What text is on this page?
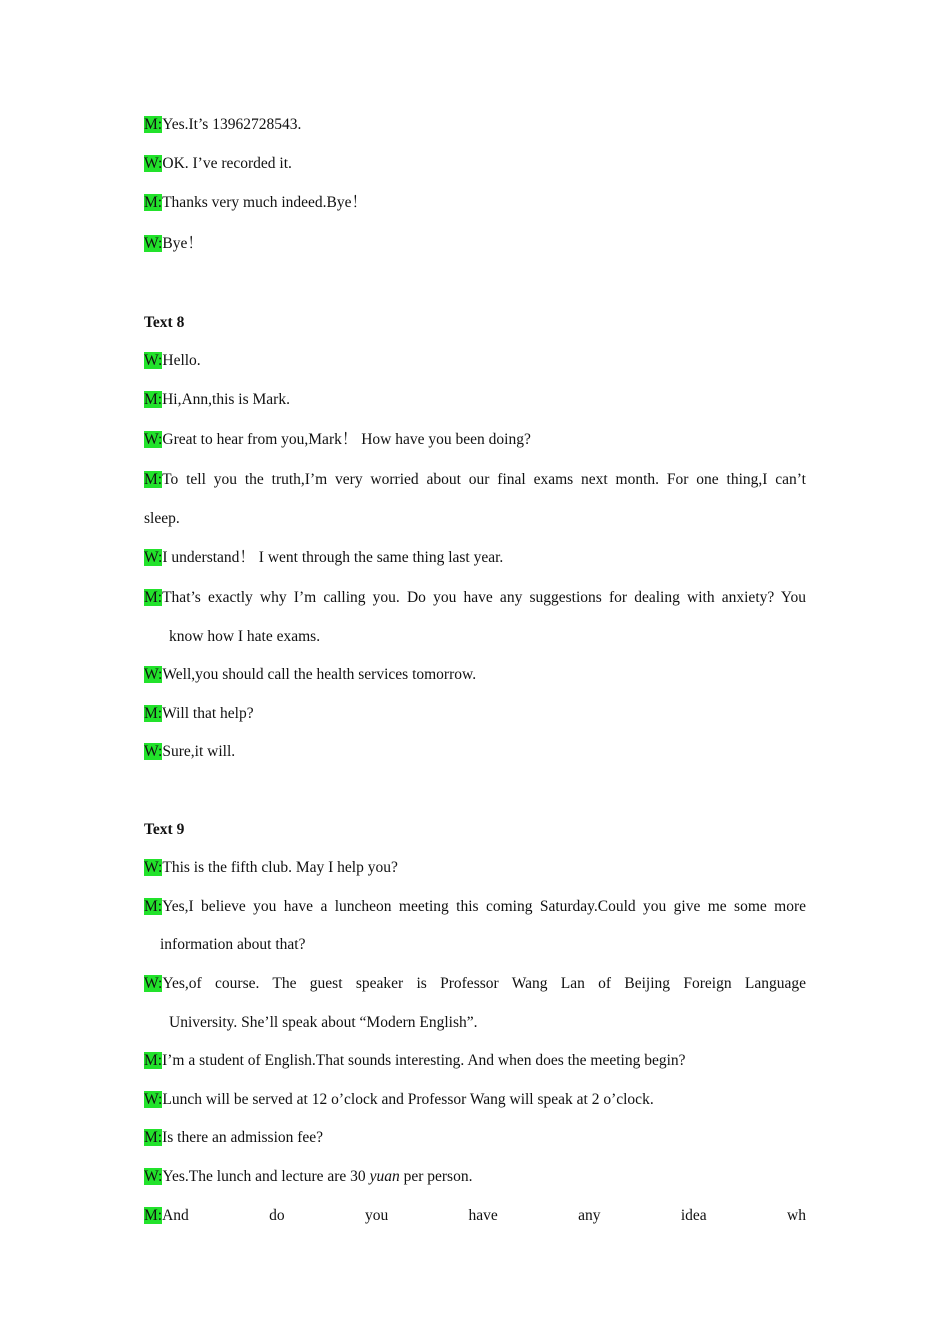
M:Yes.It’s 13962728543.
W:OK. I’ve recorded it.
M:Thanks very much indeed.Bye！
W:Bye！
Text 8
W:Hello.
M:Hi,Ann,this is Mark.
W:Great to hear from you,Mark！ How have you been doing?
M:To tell you the truth,I’m very worried about our final exams next month. For one thing,I can’t
sleep.
W:I understand！ I went through the same thing last year.
M:That’s exactly why I’m calling you. Do you have any suggestions for dealing with anxiety? You
know how I hate exams.
W:Well,you should call the health services tomorrow.
M:Will that help?
W:Sure,it will.
Text 9
W:This is the fifth club. May I help you?
M:Yes,I believe you have a luncheon meeting this coming Saturday.Could you give me some more
information about that?
W:Yes,of course. The guest speaker is Professor Wang Lan of Beijing Foreign Language
University. She’ll speak about “Modern English”.
M:I’m a student of English.That sounds interesting. And when does the meeting begin?
W:Lunch will be served at 12 o’clock and Professor Wang will speak at 2 o’clock.
M:Is there an admission fee?
W:Yes.The lunch and lecture are 30 yuan per person.
M:And	do	you	have	any	idea	wh
